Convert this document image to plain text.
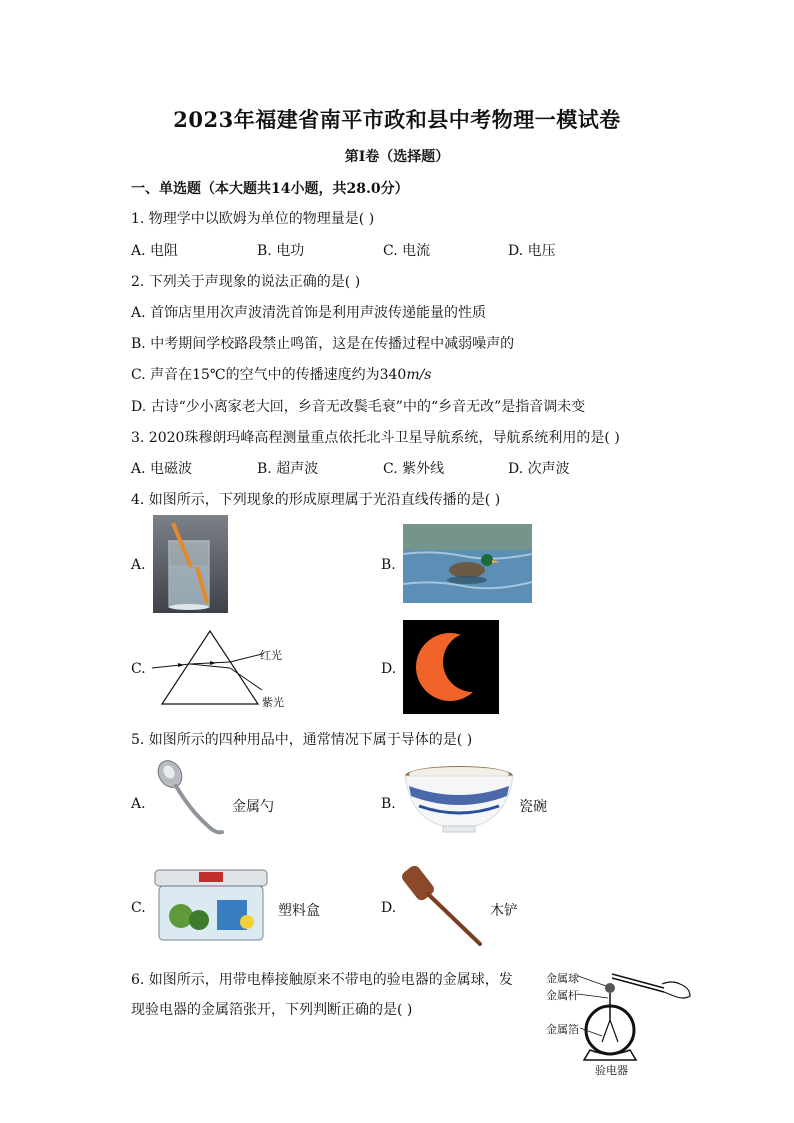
2023年福建省南平市政和县中考物理一模试卷
第Ⅰ卷（选择题）
一、单选题（本大题共14小题，共28.0分）
1. 物理学中以欧姆为单位的物理量是( )
A. 电阻	B. 电功	C. 电流	D. 电压
2. 下列关于声现象的说法正确的是( )
A. 首饰店里用次声波清洗首饰是利用声波传递能量的性质
B. 中考期间学校路段禁止鸣笛，这是在传播过程中减弱噪声的
C. 声音在15℃的空气中的传播速度约为340m/s
D. 古诗“少小离家老大回，乡音无改鬓毛衰”中的“乡音无改”是指音调未变
3. 2020珠穆朗玛峰高程测量重点依托北斗卫星导航系统，导航系统利用的是( )
A. 电磁波	B. 超声波	C. 紫外线	D. 次声波
4. 如图所示，下列现象的形成原理属于光沿直线传播的是( )
A.	B.
C.
红光
紫光
D.
5. 如图所示的四种用品中，通常情况下属于导体的是( )
A.	金属勺	B.	瓷碗
C.	塑料盒	D.	木铲
6. 如图所示，用带电棒接触原来不带电的验电器的金属球，发
现验电器的金属箔张开，下列判断正确的是( )
金属球
金属杆
金属箔
验电器
